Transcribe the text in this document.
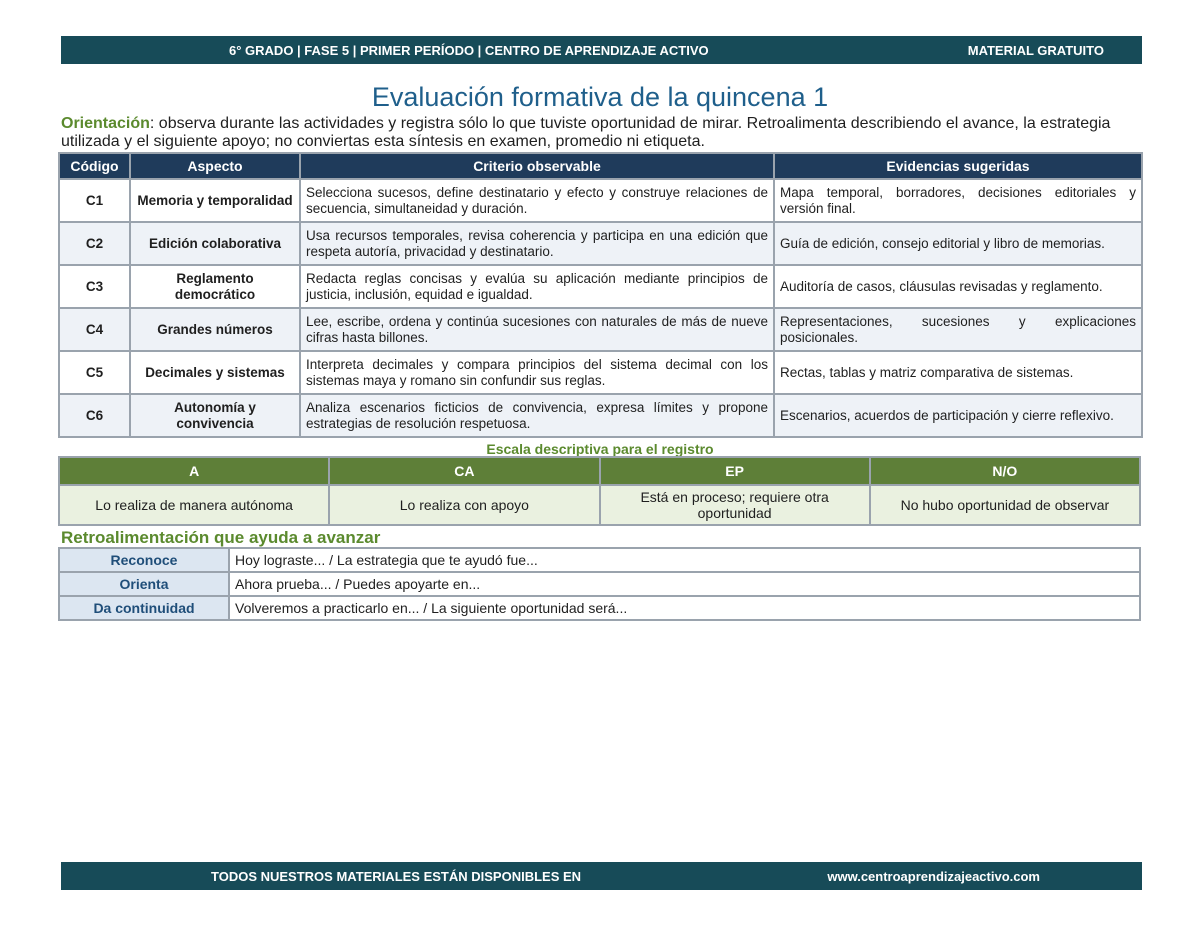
6° GRADO | FASE 5 | PRIMER PERÍODO | CENTRO DE APRENDIZAJE ACTIVO	MATERIAL GRATUITO
Evaluación formativa de la quincena 1
Orientación: observa durante las actividades y registra sólo lo que tuviste oportunidad de mirar. Retroalimenta describiendo el avance, la estrategia utilizada y el siguiente apoyo; no conviertas esta síntesis en examen, promedio ni etiqueta.
Código	Aspecto	Criterio observable	Evidencias sugeridas
C1	Memoria y temporalidad	Selecciona sucesos, define destinatario y efecto y construye relaciones de secuencia, simultaneidad y duración.	Mapa temporal, borradores, decisiones editoriales y versión final.
C2	Edición colaborativa	Usa recursos temporales, revisa coherencia y participa en una edición que respeta autoría, privacidad y destinatario.	Guía de edición, consejo editorial y libro de memorias.
C3	Reglamento democrático	Redacta reglas concisas y evalúa su aplicación mediante principios de justicia, inclusión, equidad e igualdad.	Auditoría de casos, cláusulas revisadas y reglamento.
C4	Grandes números	Lee, escribe, ordena y continúa sucesiones con naturales de más de nueve cifras hasta billones.	Representaciones, sucesiones y explicaciones posicionales.
C5	Decimales y sistemas	Interpreta decimales y compara principios del sistema decimal con los sistemas maya y romano sin confundir sus reglas.	Rectas, tablas y matriz comparativa de sistemas.
C6	Autonomía y convivencia	Analiza escenarios ficticios de convivencia, expresa límites y propone estrategias de resolución respetuosa.	Escenarios, acuerdos de participación y cierre reflexivo.
Escala descriptiva para el registro
A	CA	EP	N/O
Lo realiza de manera autónoma	Lo realiza con apoyo	Está en proceso; requiere otra oportunidad	No hubo oportunidad de observar
Retroalimentación que ayuda a avanzar
Reconoce	Hoy lograste... / La estrategia que te ayudó fue...
Orienta	Ahora prueba... / Puedes apoyarte en...
Da continuidad	Volveremos a practicarlo en... / La siguiente oportunidad será...
TODOS NUESTROS MATERIALES ESTÁN DISPONIBLES EN	www.centroaprendizajeactivo.com
